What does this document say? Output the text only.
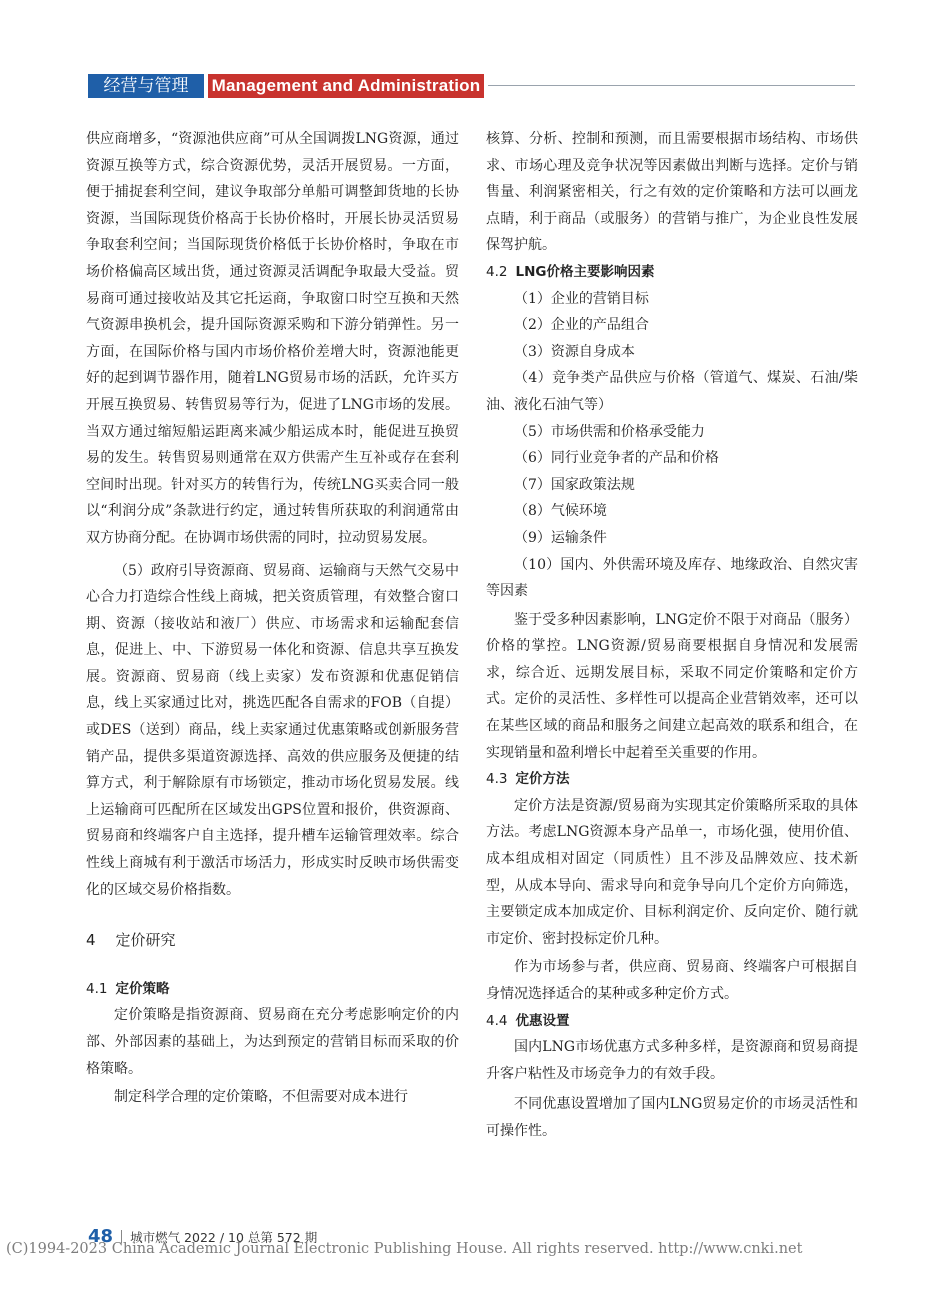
经营与管理	Management and Administration

供应商增多，“资源池供应商”可从全国调拨LNG资源，通过资源互换等方式，综合资源优势，灵活开展贸易。一方面，便于捕捉套利空间，建议争取部分单船可调整卸货地的长协资源，当国际现货价格高于长协价格时，开展长协灵活贸易争取套利空间；当国际现货价格低于长协价格时，争取在市场价格偏高区域出货，通过资源灵活调配争取最大受益。贸易商可通过接收站及其它托运商，争取窗口时空互换和天然气资源串换机会，提升国际资源采购和下游分销弹性。另一方面，在国际价格与国内市场价格价差增大时，资源池能更好的起到调节器作用，随着LNG贸易市场的活跃，允许买方开展互换贸易、转售贸易等行为，促进了LNG市场的发展。当双方通过缩短船运距离来减少船运成本时，能促进互换贸易的发生。转售贸易则通常在双方供需产生互补或存在套利空间时出现。针对买方的转售行为，传统LNG买卖合同一般以“利润分成”条款进行约定，通过转售所获取的利润通常由双方协商分配。在协调市场供需的同时，拉动贸易发展。

（5）政府引导资源商、贸易商、运输商与天然气交易中心合力打造综合性线上商城，把关资质管理，有效整合窗口期、资源（接收站和液厂）供应、市场需求和运输配套信息，促进上、中、下游贸易一体化和资源、信息共享互换发展。资源商、贸易商（线上卖家）发布资源和优惠促销信息，线上买家通过比对，挑选匹配各自需求的FOB（自提）或DES（送到）商品，线上卖家通过优惠策略或创新服务营销产品，提供多渠道资源选择、高效的供应服务及便捷的结算方式，利于解除原有市场锁定，推动市场化贸易发展。线上运输商可匹配所在区域发出GPS位置和报价，供资源商、贸易商和终端客户自主选择，提升槽车运输管理效率。综合性线上商城有利于激活市场活力，形成实时反映市场供需变化的区域交易价格指数。

4 定价研究
4.1 定价策略

定价策略是指资源商、贸易商在充分考虑影响定价的内部、外部因素的基础上，为达到预定的营销目标而采取的价格策略。

制定科学合理的定价策略，不但需要对成本进行

核算、分析、控制和预测，而且需要根据市场结构、市场供求、市场心理及竞争状况等因素做出判断与选择。定价与销售量、利润紧密相关，行之有效的定价策略和方法可以画龙点睛，利于商品（或服务）的营销与推广，为企业良性发展保驾护航。

4.2 LNG价格主要影响因素

（1）企业的营销目标

（2）企业的产品组合

（3）资源自身成本

（4）竞争类产品供应与价格（管道气、煤炭、石油/柴油、液化石油气等）

（5）市场供需和价格承受能力

（6）同行业竞争者的产品和价格

（7）国家政策法规

（8）气候环境

（9）运输条件

（10）国内、外供需环境及库存、地缘政治、自然灾害等因素

鉴于受多种因素影响，LNG定价不限于对商品（服务）价格的掌控。LNG资源/贸易商要根据自身情况和发展需求，综合近、远期发展目标，采取不同定价策略和定价方式。定价的灵活性、多样性可以提高企业营销效率，还可以在某些区域的商品和服务之间建立起高效的联系和组合，在实现销量和盈利增长中起着至关重要的作用。

4.3 定价方法

定价方法是资源/贸易商为实现其定价策略所采取的具体方法。考虑LNG资源本身产品单一，市场化强，使用价值、成本组成相对固定（同质性）且不涉及品牌效应、技术新型，从成本导向、需求导向和竞争导向几个定价方向筛选，主要锁定成本加成定价、目标利润定价、反向定价、随行就市定价、密封投标定价几种。

作为市场参与者，供应商、贸易商、终端客户可根据自身情况选择适合的某种或多种定价方式。

4.4 优惠设置

国内LNG市场优惠方式多种多样，是资源商和贸易商提升客户粘性及市场竞争力的有效手段。

不同优惠设置增加了国内LNG贸易定价的市场灵活性和可操作性。

48 城市燃气 2022 / 10 总第 572 期
(C)1994-2023 China Academic Journal Electronic Publishing House. All rights reserved. http://www.cnki.net
